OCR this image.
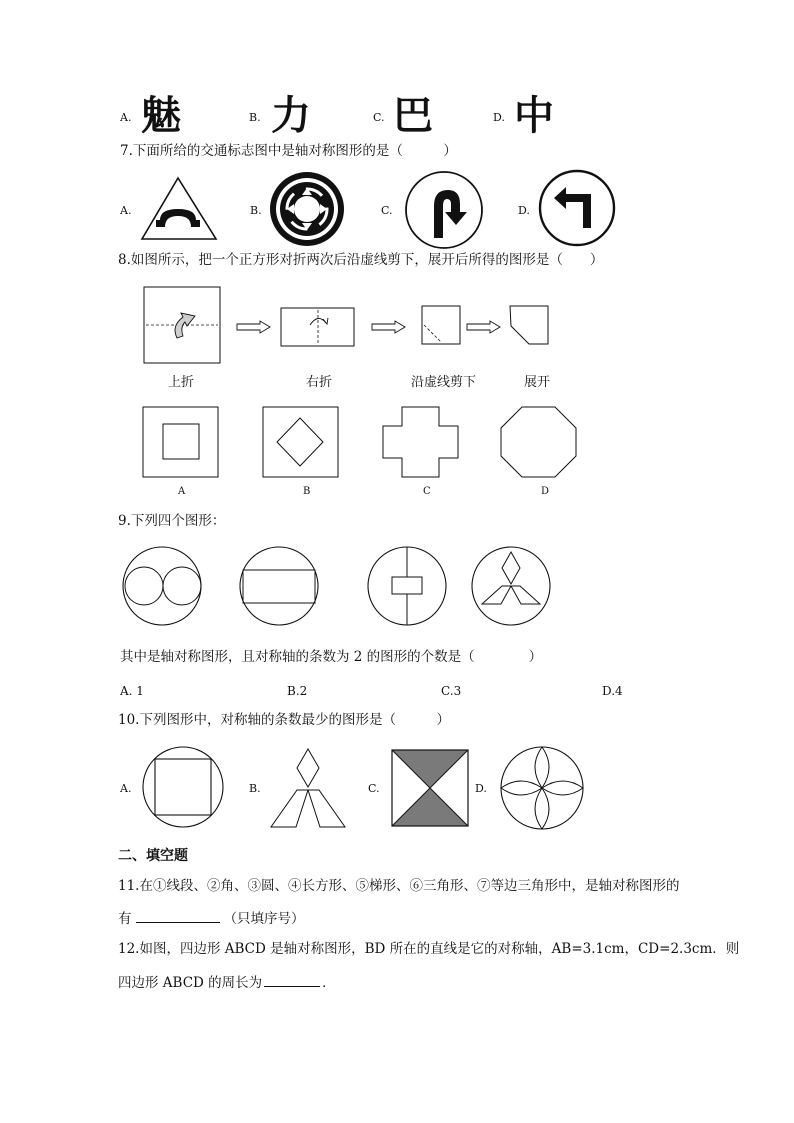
A. 魅	B. 力	C. 巴	D. 中
7.下面所给的交通标志图中是轴对称图形的是（　　　）
A.	B.	C.	D.
8.如图所示，把一个正方形对折两次后沿虚线剪下，展开后所得的图形是（　　）
上折	右折	沿虚线剪下	展开
A	B	C	D
9.下列四个图形：
其中是轴对称图形，且对称轴的条数为 2 的图形的个数是（　　　　）
A. 1	B.2	C.3	D.4
10.下列图形中，对称轴的条数最少的图形是（　　　）
A.	B.	C.	D.
二、填空题
11.在①线段、②角、③圆、④长方形、⑤梯形、⑥三角形、⑦等边三角形中，是轴对称图形的
有	（只填序号）
12.如图，四边形 ABCD 是轴对称图形，BD 所在的直线是它的对称轴，AB=3.1cm，CD=2.3cm．则
四边形 ABCD 的周长为	．
